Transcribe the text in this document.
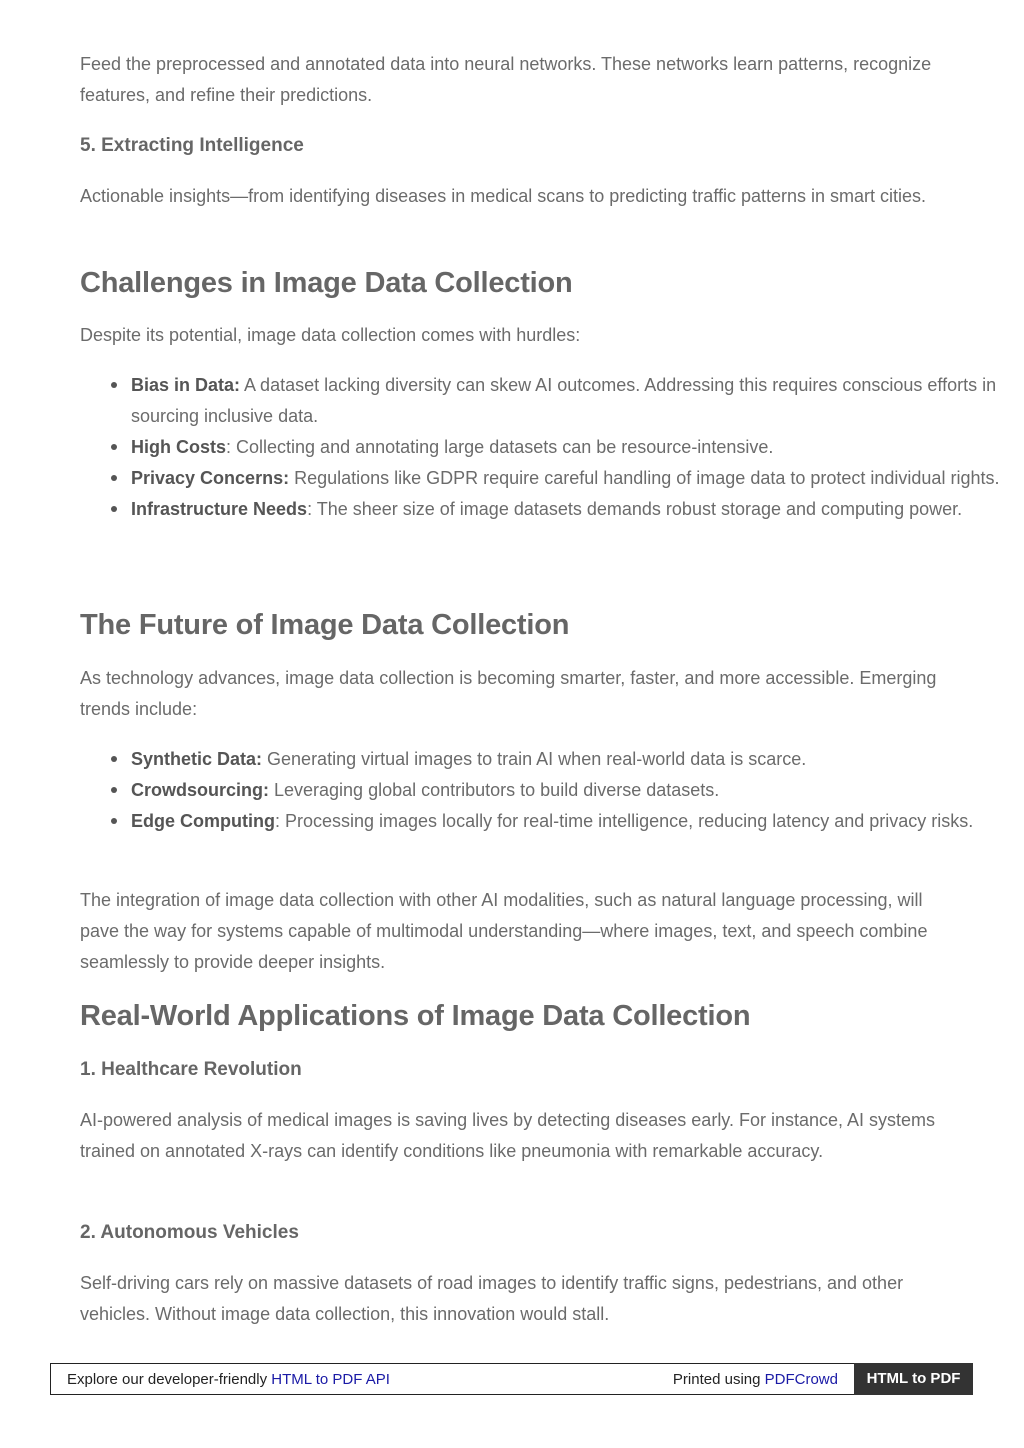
Feed the preprocessed and annotated data into neural networks. These networks learn patterns, recognize features, and refine their predictions.

5. Extracting Intelligence

Actionable insights—from identifying diseases in medical scans to predicting traffic patterns in smart cities.

Challenges in Image Data Collection

Despite its potential, image data collection comes with hurdles:

Bias in Data: A dataset lacking diversity can skew AI outcomes. Addressing this requires conscious efforts in sourcing inclusive data.
High Costs: Collecting and annotating large datasets can be resource-intensive.
Privacy Concerns: Regulations like GDPR require careful handling of image data to protect individual rights.
Infrastructure Needs: The sheer size of image datasets demands robust storage and computing power.
The Future of Image Data Collection

As technology advances, image data collection is becoming smarter, faster, and more accessible. Emerging trends include:

Synthetic Data: Generating virtual images to train AI when real-world data is scarce.
Crowdsourcing: Leveraging global contributors to build diverse datasets.
Edge Computing: Processing images locally for real-time intelligence, reducing latency and privacy risks.

The integration of image data collection with other AI modalities, such as natural language processing, will pave the way for systems capable of multimodal understanding—where images, text, and speech combine seamlessly to provide deeper insights.

Real-World Applications of Image Data Collection
1. Healthcare Revolution

AI-powered analysis of medical images is saving lives by detecting diseases early. For instance, AI systems trained on annotated X-rays can identify conditions like pneumonia with remarkable accuracy.

2. Autonomous Vehicles

Self-driving cars rely on massive datasets of road images to identify traffic signs, pedestrians, and other vehicles. Without image data collection, this innovation would stall.

Explore our developer-friendly HTML to PDF API	Printed using PDFCrowd	HTML to PDF
